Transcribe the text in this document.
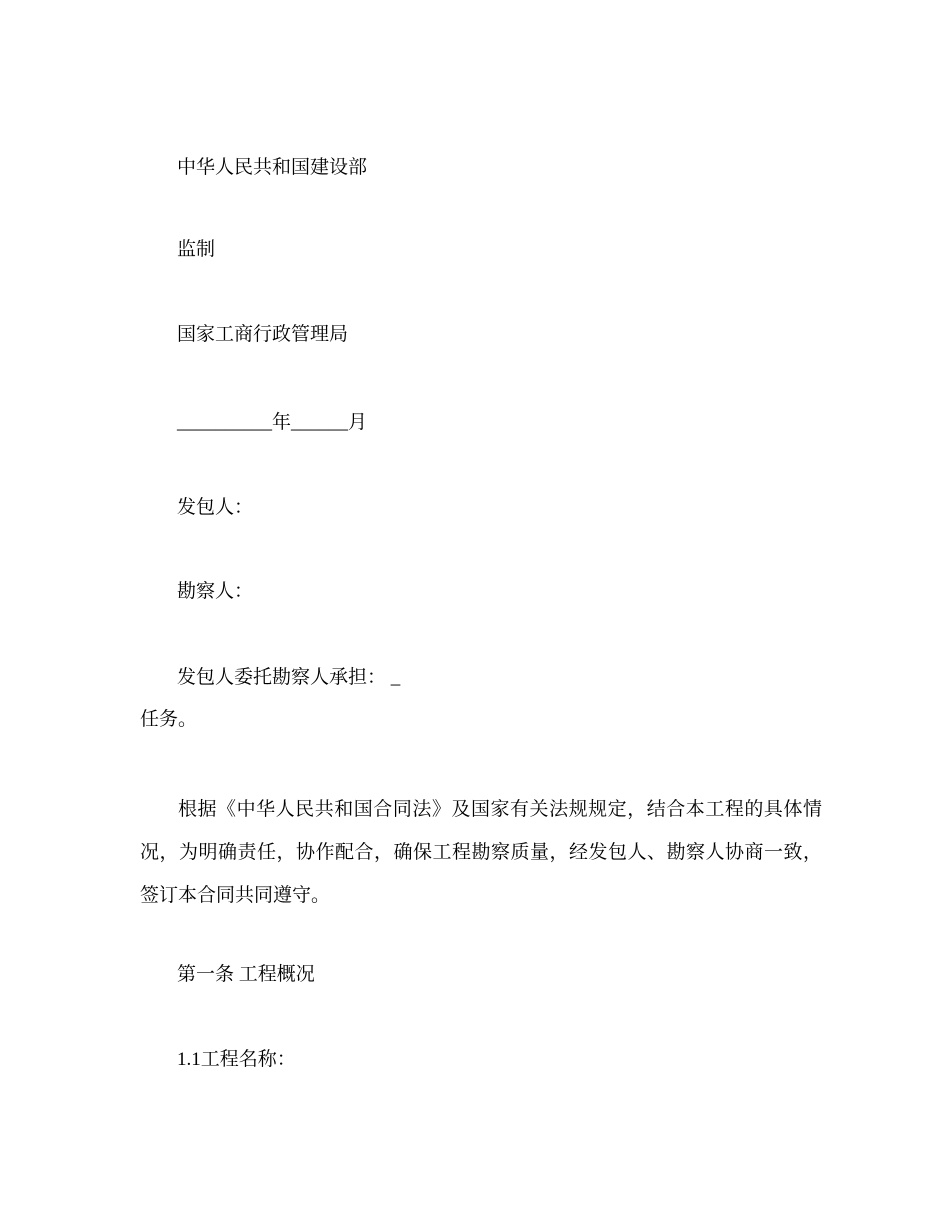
中华人民共和国建设部
监制
国家工商行政管理局
__________年______月
发包人：
勘察人：
发包人委托勘察人承担： _
任务。
根据《中华人民共和国合同法》及国家有关法规规定，结合本工程的具体情况，为明确责任，协作配合，确保工程勘察质量，经发包人、勘察人协商一致，签订本合同共同遵守。
第一条 工程概况
1.1工程名称：
